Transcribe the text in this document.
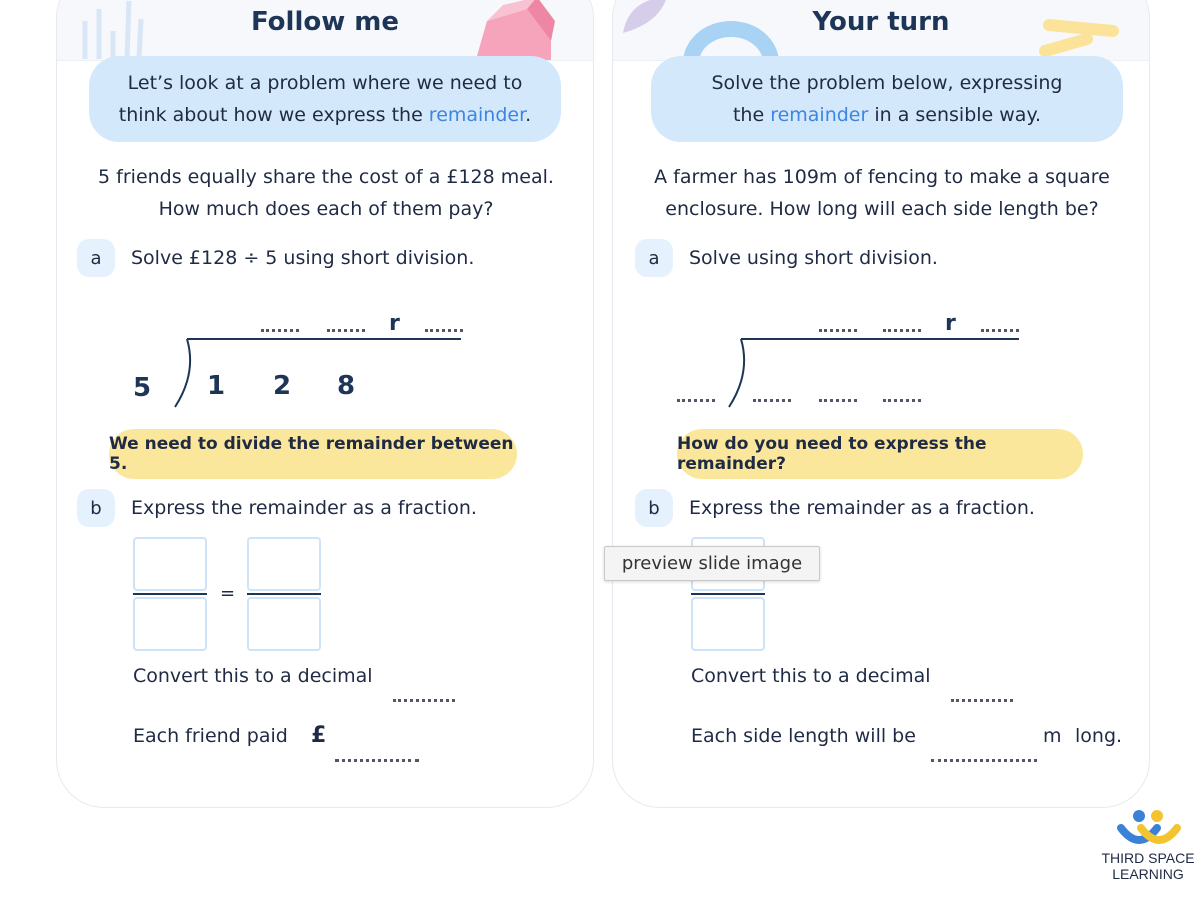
Follow me
Let’s look at a problem where we need to
think about how we express the remainder.
5 friends equally share the cost of a £128 meal.
How much does each of them pay?
a	Solve £128 ÷ 5 using short division.
r
5 1 2 8
We need to divide the remainder between 5.
b	Express the remainder as a fraction.
=
Convert this to a decimal
Each friend paid £
Your turn
Solve the problem below, expressing
the remainder in a sensible way.
A farmer has 109m of fencing to make a square
enclosure. How long will each side length be?
a	Solve using short division.
r
How do you need to express the remainder?
b	Express the remainder as a fraction.
Convert this to a decimal
Each side length will be	m long.
preview slide image
THIRD SPACE
LEARNING
